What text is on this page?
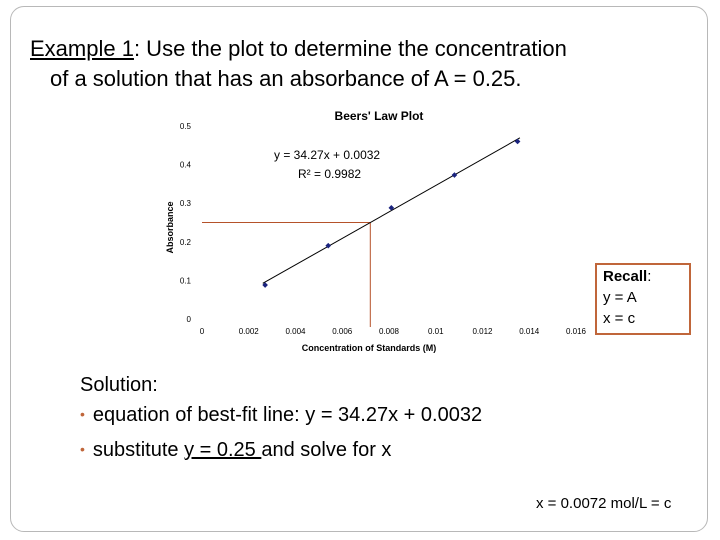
Example 1: Use the plot to determine the concentration
of a solution that has an absorbance of A = 0.25.
Beers' Law Plot
0
0.1
0.2
0.3
0.4
0.5
0	0.002	0.004	0.006	0.008	0.01	0.012	0.014	0.016
Concentration of Standards (M)
Absorbance
y = 34.27x + 0.0032
R² = 0.9982
Recall:
y = A
x = c
Solution:
• equation of best-fit line: y = 34.27x + 0.0032
• substitute y = 0.25 and solve for x
x = 0.0072 mol/L = c
